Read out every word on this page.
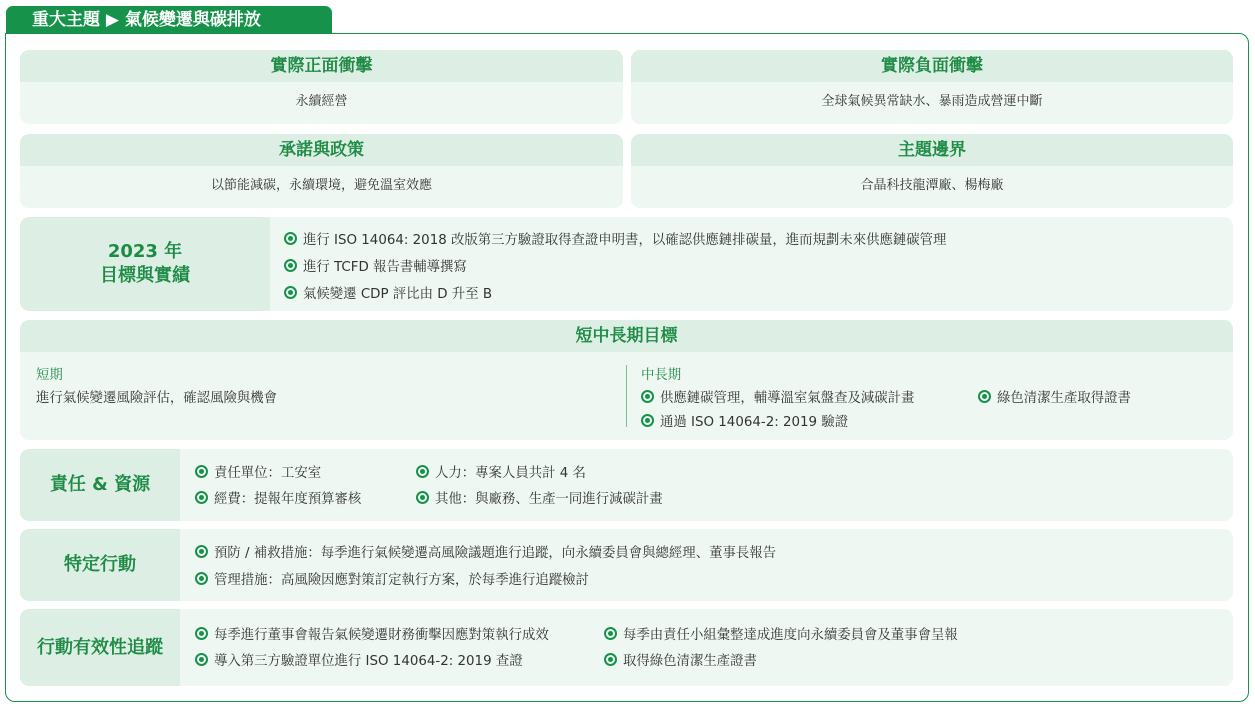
重大主題 ▶ 氣候變遷與碳排放
實際正面衝擊
永續經營
實際負面衝擊
全球氣候異常缺水、暴雨造成營運中斷
承諾與政策
以節能減碳，永續環境，避免溫室效應
主題邊界
合晶科技龍潭廠、楊梅廠
2023 年
目標與實績
進行 ISO 14064: 2018 改版第三方驗證取得查證申明書，以確認供應鏈排碳量，進而規劃未來供應鏈碳管理
進行 TCFD 報告書輔導撰寫
氣候變遷 CDP 評比由 D 升至 B
短中長期目標
短期
進行氣候變遷風險評估，確認風險與機會
中長期
供應鏈碳管理，輔導溫室氣盤查及減碳計畫	綠色清潔生產取得證書
通過 ISO 14064-2: 2019 驗證
責任 & 資源
責任單位：工安室	人力：專案人員共計 4 名
經費：提報年度預算審核	其他：與廠務、生產一同進行減碳計畫
特定行動
預防 / 補救措施：每季進行氣候變遷高風險議題進行追蹤，向永續委員會與總經理、董事長報告
管理措施：高風險因應對策訂定執行方案，於每季進行追蹤檢討
行動有效性追蹤
每季進行董事會報告氣候變遷財務衝擊因應對策執行成效	每季由責任小組彙整達成進度向永續委員會及董事會呈報
導入第三方驗證單位進行 ISO 14064-2: 2019 查證	取得綠色清潔生產證書
